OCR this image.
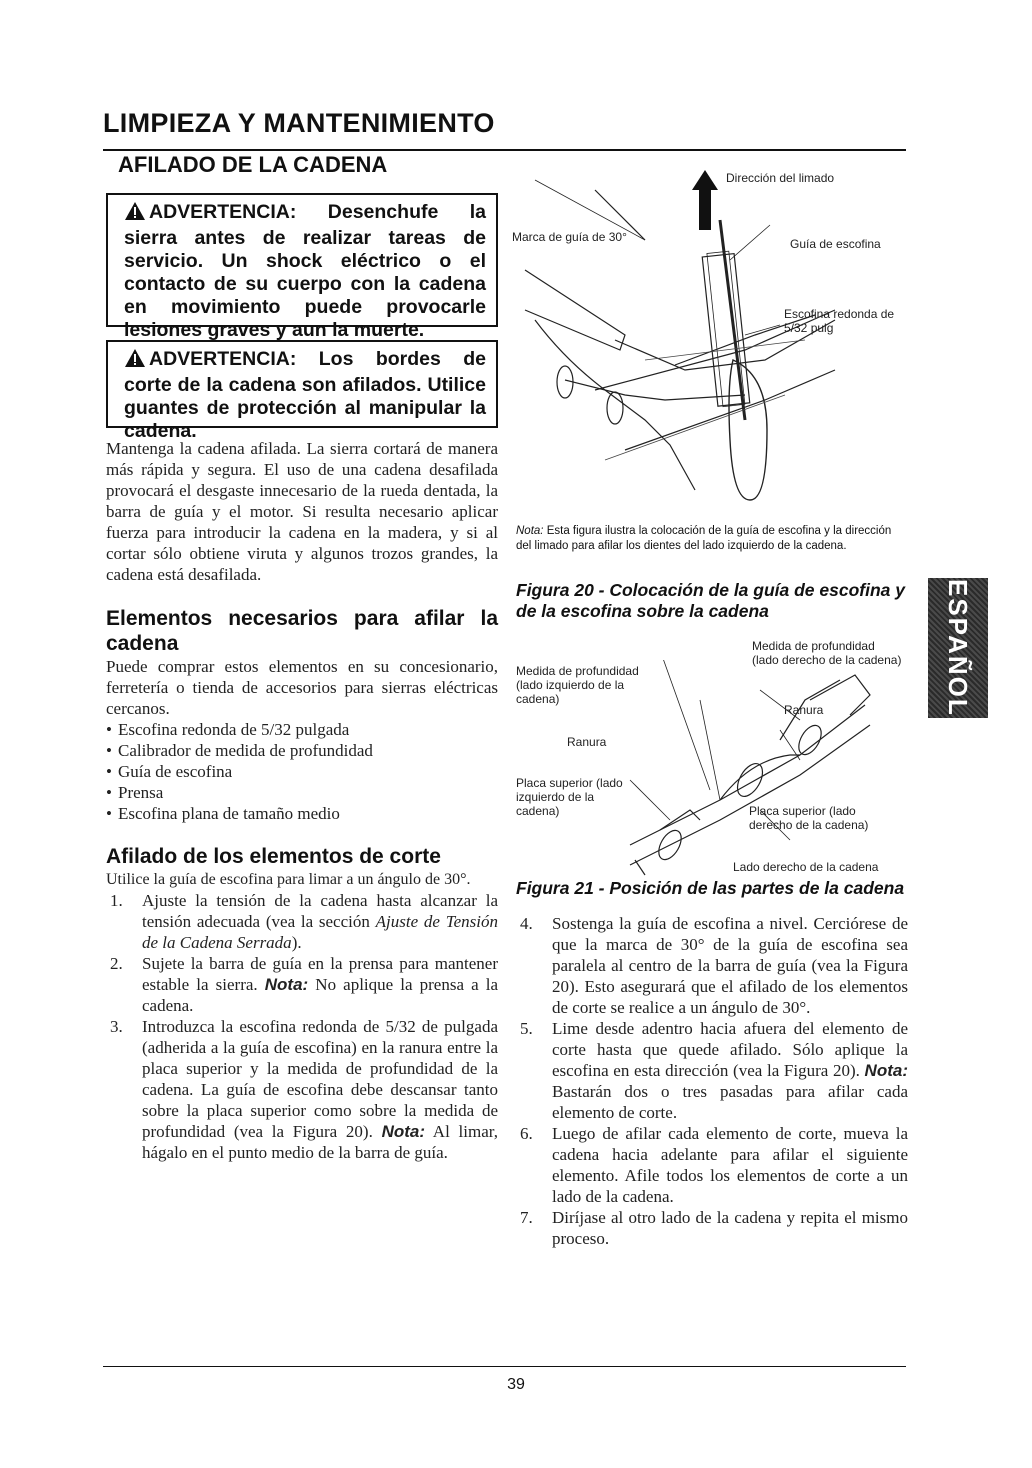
LIMPIEZA Y MANTENIMIENTO
AFILADO DE LA CADENA
ADVERTENCIA: Desenchufe la sierra antes de realizar tareas de servicio. Un shock eléctrico o el contacto de su cuerpo con la cadena en movimiento puede provocarle lesiones graves y aun la muerte.
ADVERTENCIA: Los bordes de corte de la cadena son afilados. Utilice guantes de protección al manipular la cadena.
Mantenga la cadena afilada. La sierra cortará de manera más rápida y segura. El uso de una cadena desafilada provocará el desgaste innecesario de la rueda dentada, la barra de guía y el motor. Si resulta necesario aplicar fuerza para introducir la cadena en la madera, y si al cortar sólo obtiene viruta y algunos trozos grandes, la cadena está desafilada.
Elementos necesarios para afilar la cadena
Puede comprar estos elementos en su concesionario, ferretería o tienda de accesorios para sierras eléctricas cercanos.
• Escofina redonda de 5/32 pulgada
• Calibrador de medida de profundidad
• Guía de escofina
• Prensa
• Escofina plana de tamaño medio
Afilado de los elementos de corte
Utilice la guía de escofina para limar a un ángulo de 30°.
1. Ajuste la tensión de la cadena hasta alcanzar la tensión adecuada (vea la sección Ajuste de Tensión de la Cadena Serrada).
2. Sujete la barra de guía en la prensa para mantener estable la sierra. Nota: No aplique la prensa a la cadena.
3. Introduzca la escofina redonda de 5/32 de pulgada (adherida a la guía de escofina) en la ranura entre la placa superior y la medida de profundidad de la cadena. La guía de escofina debe descansar tanto sobre la placa superior como sobre la medida de profundidad (vea la Figura 20). Nota: Al limar, hágalo en el punto medio de la barra de guía.
Dirección del limado
Marca de guía de 30°	Guía de escofina
Escofina redonda de 5/32 pulg
Nota: Esta figura ilustra la colocación de la guía de escofina y la dirección del limado para afilar los dientes del lado izquierdo de la cadena.
Figura 20 - Colocación de la guía de escofina y de la escofina sobre la cadena
Medida de profundidad (lado derecho de la cadena)
Medida de profundidad (lado izquierdo de la cadena)
Ranura
Ranura
Placa superior (lado izquierdo de la cadena)	Placa superior (lado derecho de la cadena)
Lado derecho de la cadena
Figura 21 - Posición de las partes de la cadena
4. Sostenga la guía de escofina a nivel. Cerciórese de que la marca de 30° de la guía de escofina sea paralela al centro de la barra de guía (vea la Figura 20). Esto asegurará que el afilado de los elementos de corte se realice a un ángulo de 30°.
5. Lime desde adentro hacia afuera del elemento de corte hasta que quede afilado. Sólo aplique la escofina en esta dirección (vea la Figura 20). Nota: Bastarán dos o tres pasadas para afilar cada elemento de corte.
6. Luego de afilar cada elemento de corte, mueva la cadena hacia adelante para afilar el siguiente elemento. Afile todos los elementos de corte a un lado de la cadena.
7. Diríjase al otro lado de la cadena y repita el mismo proceso.
ESPAÑOL
39
